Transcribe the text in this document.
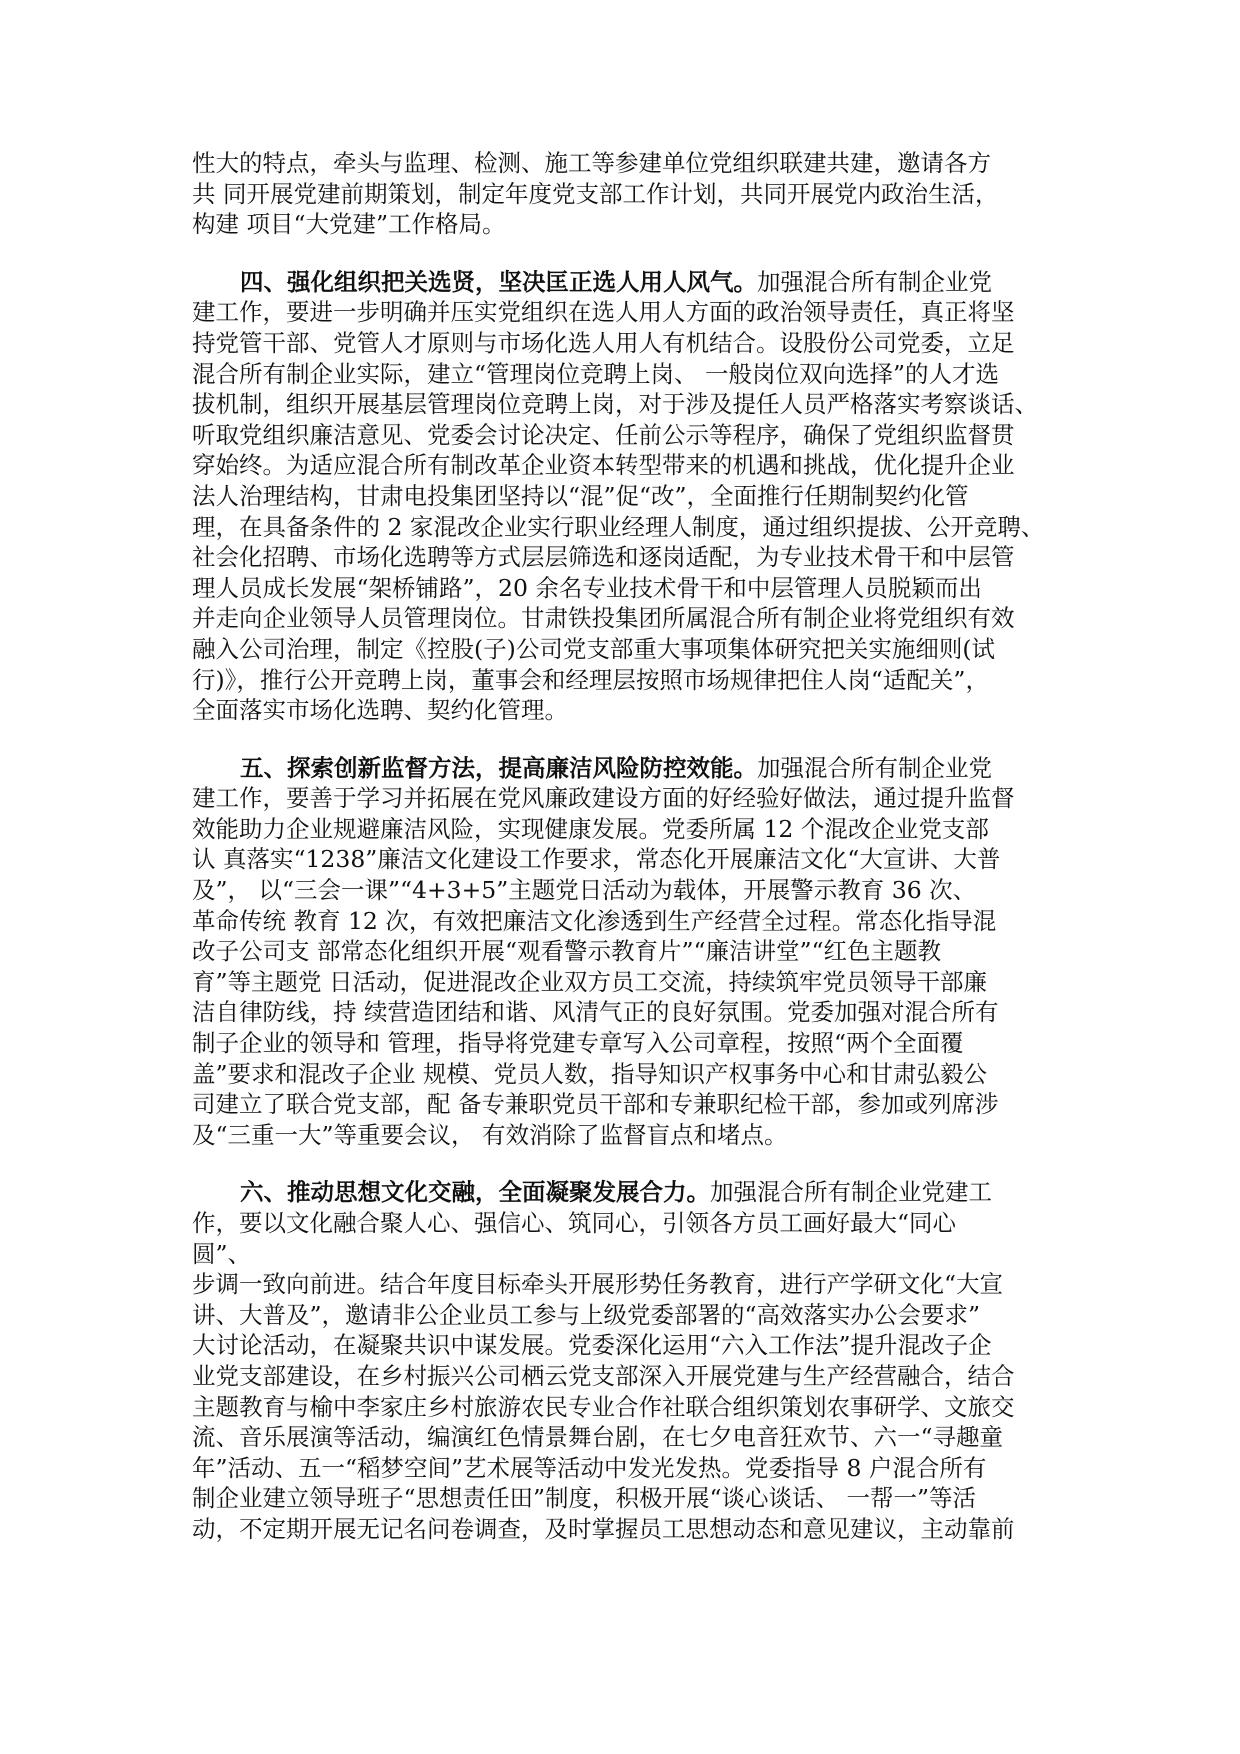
性大的特点，牵头与监理、检测、施工等参建单位党组织联建共建，邀请各方
共 同开展党建前期策划，制定年度党支部工作计划，共同开展党内政治生活，
构建 项目“大党建”工作格局。
四、强化组织把关选贤，坚决匡正选人用人风气。加强混合所有制企业党
建工作，要进一步明确并压实党组织在选人用人方面的政治领导责任，真正将坚
持党管干部、党管人才原则与市场化选人用人有机结合。设股份公司党委，立足
混合所有制企业实际，建立“管理岗位竞聘上岗、 一般岗位双向选择”的人才选
拔机制，组织开展基层管理岗位竞聘上岗，对于涉及提任人员严格落实考察谈话、
听取党组织廉洁意见、党委会讨论决定、任前公示等程序，确保了党组织监督贯
穿始终。为适应混合所有制改革企业资本转型带来的机遇和挑战，优化提升企业
法人治理结构，甘肃电投集团坚持以“混”促“改”，全面推行任期制契约化管
理，在具备条件的 2 家混改企业实行职业经理人制度，通过组织提拔、公开竞聘、
社会化招聘、市场化选聘等方式层层筛选和逐岗适配，为专业技术骨干和中层管
理人员成长发展“架桥铺路”，20 余名专业技术骨干和中层管理人员脱颖而出
并走向企业领导人员管理岗位。甘肃铁投集团所属混合所有制企业将党组织有效
融入公司治理，制定《控股(子)公司党支部重大事项集体研究把关实施细则(试
行)》，推行公开竞聘上岗，董事会和经理层按照市场规律把住人岗“适配关”，
全面落实市场化选聘、契约化管理。
五、探索创新监督方法，提高廉洁风险防控效能。加强混合所有制企业党
建工作，要善于学习并拓展在党风廉政建设方面的好经验好做法，通过提升监督
效能助力企业规避廉洁风险，实现健康发展。党委所属 12 个混改企业党支部
认 真落实“1238”廉洁文化建设工作要求，常态化开展廉洁文化“大宣讲、大普
及”， 以“三会一课”“4+3+5”主题党日活动为载体，开展警示教育 36 次、
革命传统 教育 12 次，有效把廉洁文化渗透到生产经营全过程。常态化指导混
改子公司支 部常态化组织开展“观看警示教育片”“廉洁讲堂”“红色主题教
育”等主题党 日活动，促进混改企业双方员工交流，持续筑牢党员领导干部廉
洁自律防线，持 续营造团结和谐、风清气正的良好氛围。党委加强对混合所有
制子企业的领导和 管理，指导将党建专章写入公司章程，按照“两个全面覆
盖”要求和混改子企业 规模、党员人数，指导知识产权事务中心和甘肃弘毅公
司建立了联合党支部，配 备专兼职党员干部和专兼职纪检干部，参加或列席涉
及“三重一大”等重要会议， 有效消除了监督盲点和堵点。
六、推动思想文化交融，全面凝聚发展合力。加强混合所有制企业党建工
作，要以文化融合聚人心、强信心、筑同心，引领各方员工画好最大“同心
圆”、
步调一致向前进。结合年度目标牵头开展形势任务教育，进行产学研文化“大宣
讲、大普及”，邀请非公企业员工参与上级党委部署的“高效落实办公会要求”
大讨论活动，在凝聚共识中谋发展。党委深化运用“六入工作法”提升混改子企
业党支部建设，在乡村振兴公司栖云党支部深入开展党建与生产经营融合，结合
主题教育与榆中李家庄乡村旅游农民专业合作社联合组织策划农事研学、文旅交
流、音乐展演等活动，编演红色情景舞台剧，在七夕电音狂欢节、六一“寻趣童
年”活动、五一“稻梦空间”艺术展等活动中发光发热。党委指导 8 户混合所有
制企业建立领导班子“思想责任田”制度，积极开展“谈心谈话、 一帮一”等活
动，不定期开展无记名问卷调查，及时掌握员工思想动态和意见建议，主动靠前
